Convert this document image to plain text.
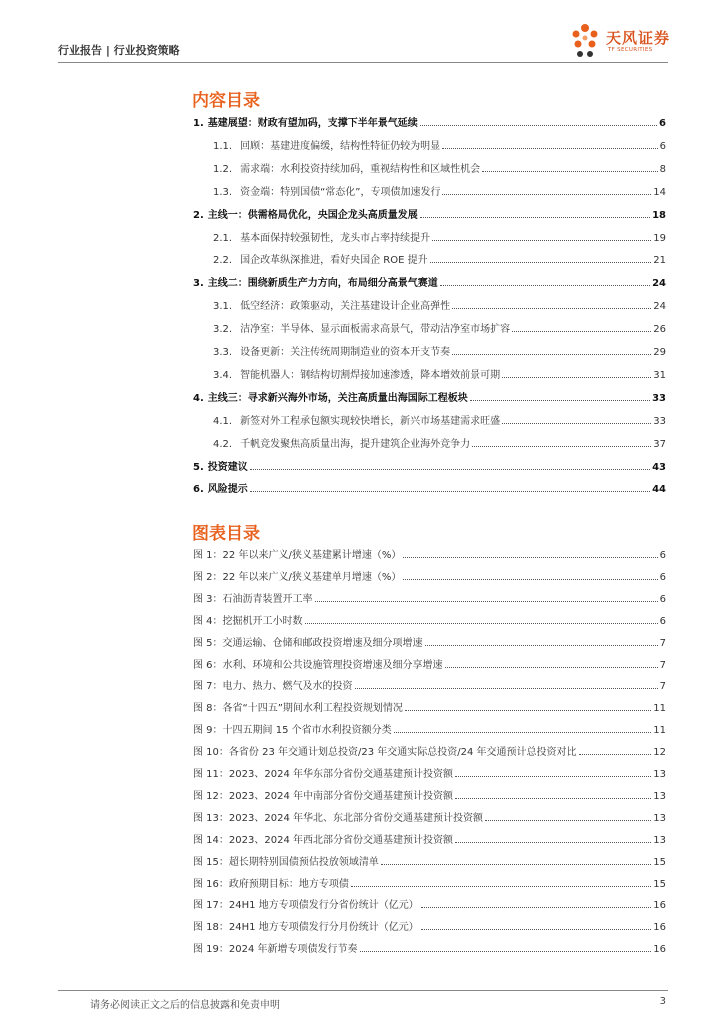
行业报告 | 行业投资策略
天风证券
TF SECURITIES
内容目录
1. 基建展望：财政有望加码，支撑下半年景气延续	6
1.1. 回顾：基建进度偏缓，结构性特征仍较为明显	6
1.2. 需求端：水利投资持续加码，重视结构性和区域性机会	8
1.3. 资金端：特别国债“常态化”，专项债加速发行	14
2. 主线一：供需格局优化，央国企龙头高质量发展	18
2.1. 基本面保持较强韧性，龙头市占率持续提升	19
2.2. 国企改革纵深推进，看好央国企 ROE 提升	21
3. 主线二：围绕新质生产力方向，布局细分高景气赛道	24
3.1. 低空经济：政策驱动，关注基建设计企业高弹性	24
3.2. 洁净室：半导体、显示面板需求高景气，带动洁净室市场扩容	26
3.3. 设备更新：关注传统周期制造业的资本开支节奏	29
3.4. 智能机器人：钢结构切割焊接加速渗透，降本增效前景可期	31
4. 主线三：寻求新兴海外市场，关注高质量出海国际工程板块	33
4.1. 新签对外工程承包额实现较快增长，新兴市场基建需求旺盛	33
4.2. 千帆竞发聚焦高质量出海，提升建筑企业海外竞争力	37
5. 投资建议	43
6. 风险提示	44
图表目录
图 1：22 年以来广义/狭义基建累计增速（%）	6
图 2：22 年以来广义/狭义基建单月增速（%）	6
图 3：石油沥青装置开工率	6
图 4：挖掘机开工小时数	6
图 5：交通运输、仓储和邮政投资增速及细分项增速	7
图 6：水利、环境和公共设施管理投资增速及细分享增速	7
图 7：电力、热力、燃气及水的投资	7
图 8：各省“十四五”期间水利工程投资规划情况	11
图 9：十四五期间 15 个省市水利投资额分类	11
图 10：各省份 23 年交通计划总投资/23 年交通实际总投资/24 年交通预计总投资对比	12
图 11：2023、2024 年华东部分省份交通基建预计投资额	13
图 12：2023、2024 年中南部分省份交通基建预计投资额	13
图 13：2023、2024 年华北、东北部分省份交通基建预计投资额	13
图 14：2023、2024 年西北部分省份交通基建预计投资额	13
图 15：超长期特别国债预估投放领域清单	15
图 16：政府预期目标：地方专项债	15
图 17：24H1 地方专项债发行分省份统计（亿元）	16
图 18：24H1 地方专项债发行分月份统计（亿元）	16
图 19：2024 年新增专项债发行节奏	16
请务必阅读正文之后的信息披露和免责申明	3
